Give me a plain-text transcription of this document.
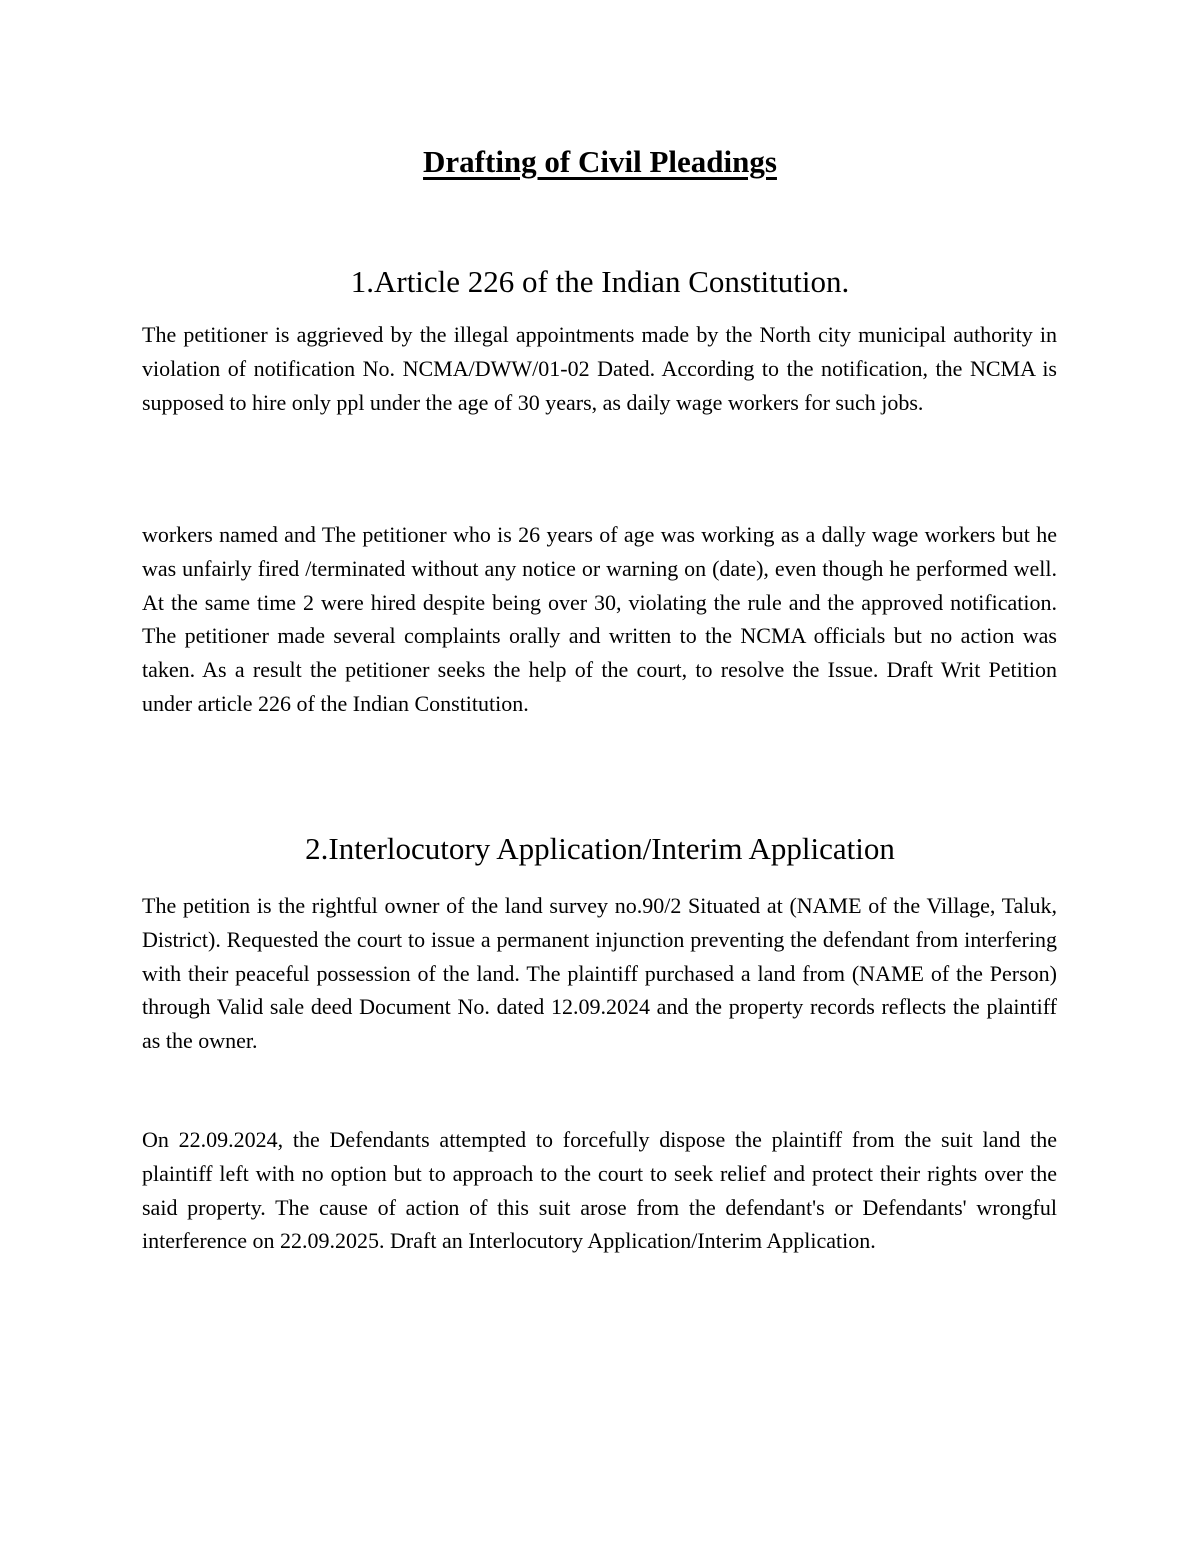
Drafting of Civil Pleadings
1.Article 226 of the Indian Constitution.

The petitioner is aggrieved by the illegal appointments made by the North city municipal authority in violation of notification No. NCMA/DWW/01-02 Dated. According to the notification, the NCMA is supposed to hire only ppl under the age of 30 years, as daily wage workers for such jobs.

workers named and The petitioner who is 26 years of age was working as a dally wage workers but he was unfairly fired /terminated without any notice or warning on (date), even though he performed well. At the same time 2 were hired despite being over 30, violating the rule and the approved notification. The petitioner made several complaints orally and written to the NCMA officials but no action was taken. As a result the petitioner seeks the help of the court, to resolve the Issue. Draft Writ Petition under article 226 of the Indian Constitution.

2.Interlocutory Application/Interim Application

The petition is the rightful owner of the land survey no.90/2 Situated at (NAME of the Village, Taluk, District). Requested the court to issue a permanent injunction preventing the defendant from interfering with their peaceful possession of the land. The plaintiff purchased a land from (NAME of the Person) through Valid sale deed Document No. dated 12.09.2024 and the property records reflects the plaintiff as the owner.

On 22.09.2024, the Defendants attempted to forcefully dispose the plaintiff from the suit land the plaintiff left with no option but to approach to the court to seek relief and protect their rights over the said property. The cause of action of this suit arose from the defendant's or Defendants' wrongful interference on 22.09.2025. Draft an Interlocutory Application/Interim Application.
